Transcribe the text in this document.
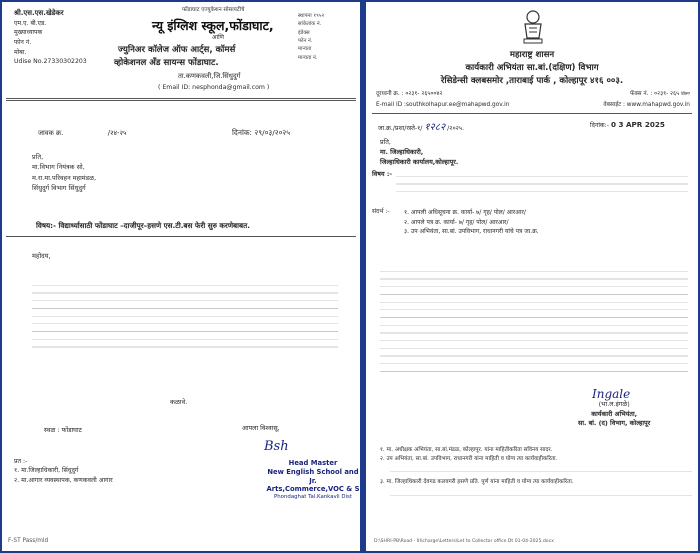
श्री.एस.एस.खेडेकर
एम.ए. बी.एड.
मुख्याध्यापक
फोन नं.
मोबा.
Udise No.27330302203
फोंडाघाट एज्युकेशन सोसायटीचे
न्यू इंग्लिश स्कूल,फोंडाघाट,
आणि
ज्युनिअर कॉलेज ऑफ आर्ट्स, कॉमर्स
व्होकेशनल अँड सायन्स फोंडाघाट.
ता.कणकवली,जि.सिंधुदुर्ग
( Email ID: nesphonda@gmail.com )
स्थापना १९५२
सांकेतांक नं.
इंडेक्स
फोन नं.
मान्यता
मान्यता नं.
जावक क्र.	/२४-२५	दिनांक: २९/०३/२०२५
प्रति,
मा.विभाग नियंत्रक सो,
म.रा.मा.परिवहन महामंडळ,
सिंधुदुर्ग विभाग सिंधुदुर्ग
विषय:- विद्यार्थ्यासाठी फोंडाघाट –दाजीपूर–हसणे एस.टी.बस फेरी सुरु करणेबाबत.
महोदय,
कळावे.
स्थळ : फोंडाघाट	आपला विश्वासू,
Bsh
Head Master
New English School and Jr.
Arts,Commerce,VOC & S
Phondaghat Tal.Kankavli Dist
प्रत :-
१. मा.जिल्हाधिकारी, सिंधुदुर्ग
२. मा.आगार व्यवस्थापक, कणकवली आगार
F-ST Pass/mld
महाराष्ट्र शासन
कार्यकारी अभियंता सा.बां.(दक्षिण) विभाग
रेसिडेन्सी क्लबसमोर ,ताराबाई पार्क , कोल्हापूर ४१६ ००३.
दूरध्वनी क्र. : ०२३१- २६५००४२	फॅक्स नं. : ०२३१- २६५ ४७०
E-mail ID :southkolhapur.ee@mahapwd.gov.in	वेबसाईट : www.mahapwd.gov.in
जा.क्र./प्रशा/रस्ते-१/ १२८२ /२०२५.	दिनांक:- 0 3 APR 2025
प्रति,
मा. जिल्हाधिकारी,
जिल्हाधिकारी कार्यालय,कोल्हापूर.
विषय :-
संदर्भ :- १. आपली अधिसूचना क्र. कार्या- ७/ गृह/ पोल/ आरआर/
२. आपले पत्र क्र. कार्या- ७/ गृह/ पोल/ आरआर/
३. उप अभियंता, सा.बां. उपविभाग, राधानगरी यांचे पत्र जा.क्र.
Ingale
(भा.ल.इंगळे)
कार्यकारी अभियंता,
सा. बां. (द) विभाग, कोल्हापूर
१. मा. अधीक्षक अभियंता, सा.बां.मंडळ, कोल्हापूर. यांना माहितीकरिता सविनय सादर.
२. उप अभियंता, सा.बां. उपविभाग, राधानगरी यांना माहिती व योग्य त्या कार्यवाहीकरिता.
३. मा. जिल्हाधिकारी देवगड कलवगरी हसणे प्रति. पूर्ण यांना माहिती व योग्य त्या कार्यवाहीकरिता.
D:\SHRI-PB\Road - III\charge\Letters\Let to Collector office Dt 01-04-2025.docx
